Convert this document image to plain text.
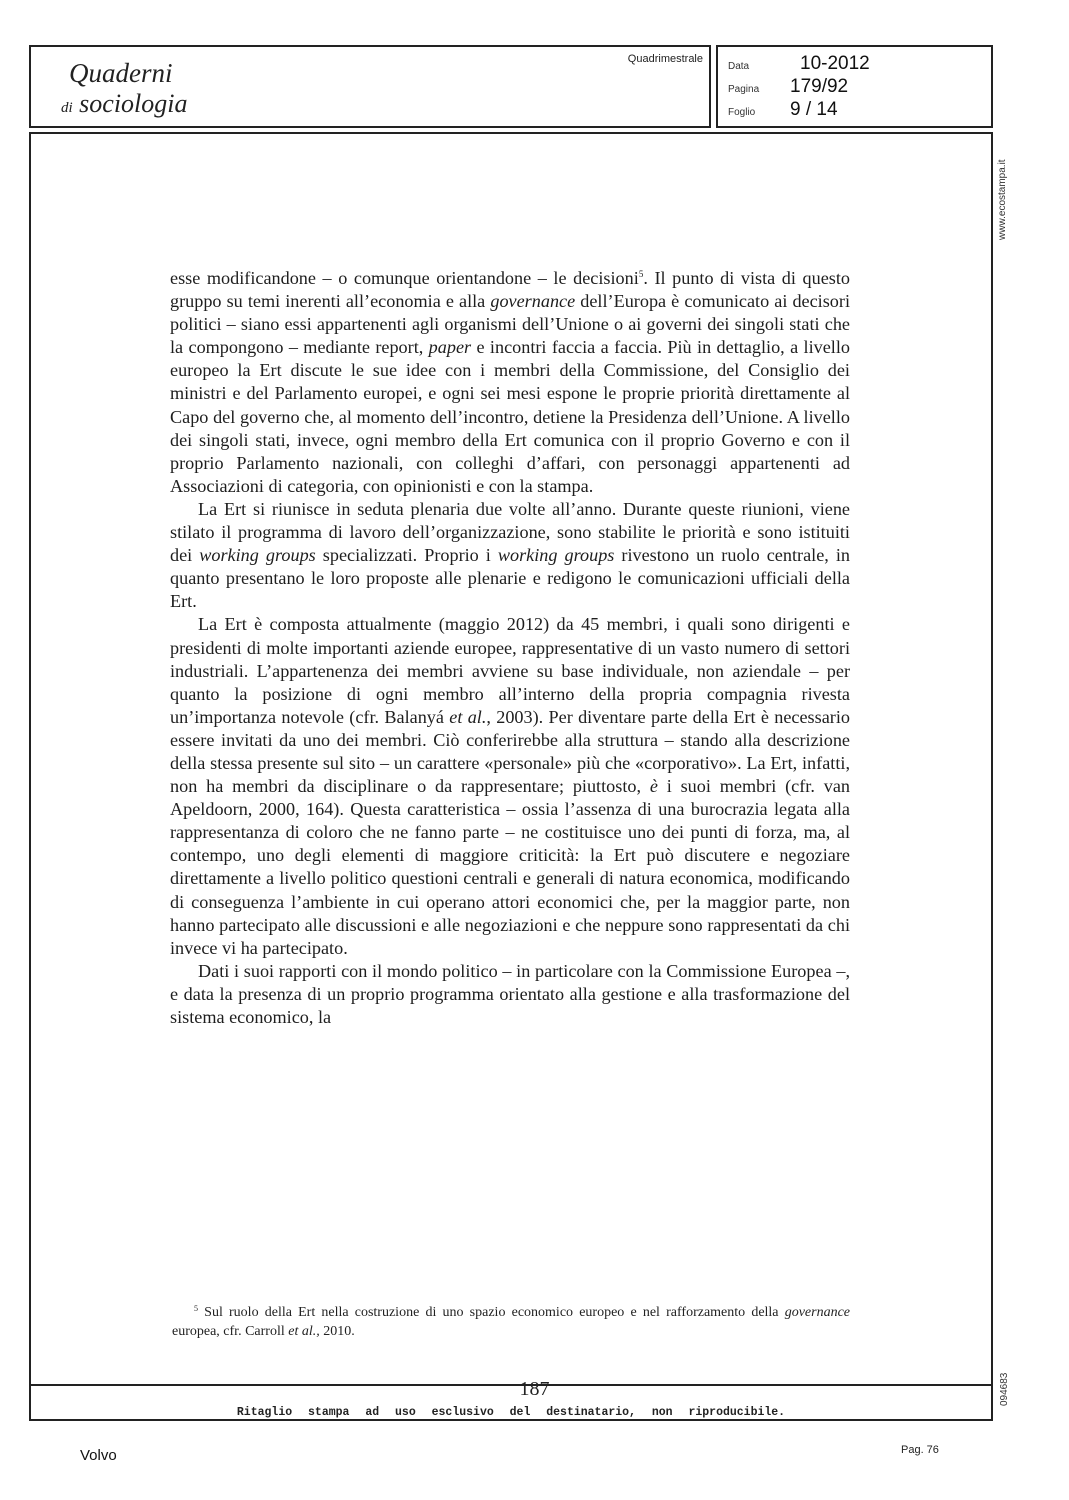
Quaderni
di sociologia
Quadrimestrale
Data	10-2012
Pagina 179/92
Foglio 9 / 14
www.ecostampa.it
094683

esse modificandone – o comunque orientandone – le decisioni$^5$. Il punto di vista di questo gruppo su temi inerenti all’economia e alla governance dell’Europa è comunicato ai decisori politici – siano essi appartenenti agli organismi dell’Unione o ai governi dei singoli stati che la compongono – mediante report, paper e incontri faccia a faccia. Più in dettaglio, a livello europeo la Ert discute le sue idee con i membri della Commissione, del Consiglio dei ministri e del Parlamento europei, e ogni sei mesi espone le proprie priorità direttamente al Capo del governo che, al momento dell’incontro, detiene la Presidenza dell’Unione. A livello dei singoli stati, invece, ogni membro della Ert comunica con il proprio Governo e con il proprio Parlamento nazionali, con colleghi d’affari, con personaggi appartenenti ad Associazioni di categoria, con opinionisti e con la stampa.

La Ert si riunisce in seduta plenaria due volte all’anno. Durante queste riunioni, viene stilato il programma di lavoro dell’organizzazione, sono stabilite le priorità e sono istituiti dei working groups specializzati. Proprio i working groups rivestono un ruolo centrale, in quanto presentano le loro proposte alle plenarie e redigono le comunicazioni ufficiali della Ert.

La Ert è composta attualmente (maggio 2012) da 45 membri, i quali sono dirigenti e presidenti di molte importanti aziende europee, rappresentative di un vasto numero di settori industriali. L’appartenenza dei membri avviene su base individuale, non aziendale – per quanto la posizione di ogni membro all’interno della propria compagnia rivesta un’importanza notevole (cfr. Balanyá et al., 2003). Per diventare parte della Ert è necessario essere invitati da uno dei membri. Ciò conferirebbe alla struttura – stando alla descrizione della stessa presente sul sito – un carattere «personale» più che «corporativo». La Ert, infatti, non ha membri da disciplinare o da rappresentare; piuttosto, è i suoi membri (cfr. van Apeldoorn, 2000, 164). Questa caratteristica – ossia l’assenza di una burocrazia legata alla rappresentanza di coloro che ne fanno parte – ne costituisce uno dei punti di forza, ma, al contempo, uno degli elementi di maggiore criticità: la Ert può discutere e negoziare direttamente a livello politico questioni centrali e generali di natura economica, modificando di conseguenza l’ambiente in cui operano attori economici che, per la maggior parte, non hanno partecipato alle discussioni e alle negoziazioni e che neppure sono rappresentati da chi invece vi ha partecipato.

Dati i suoi rapporti con il mondo politico – in particolare con la Commissione Europea –, e data la presenza di un proprio programma orientato alla gestione e alla trasformazione del sistema economico, la

$^5$ Sul ruolo della Ert nella costruzione di uno spazio economico europeo e nel rafforzamento della governance europea, cfr. Carroll et al., 2010.
187
Ritaglio stampa ad uso esclusivo del destinatario, non riproducibile.
Volvo	Pag. 76
